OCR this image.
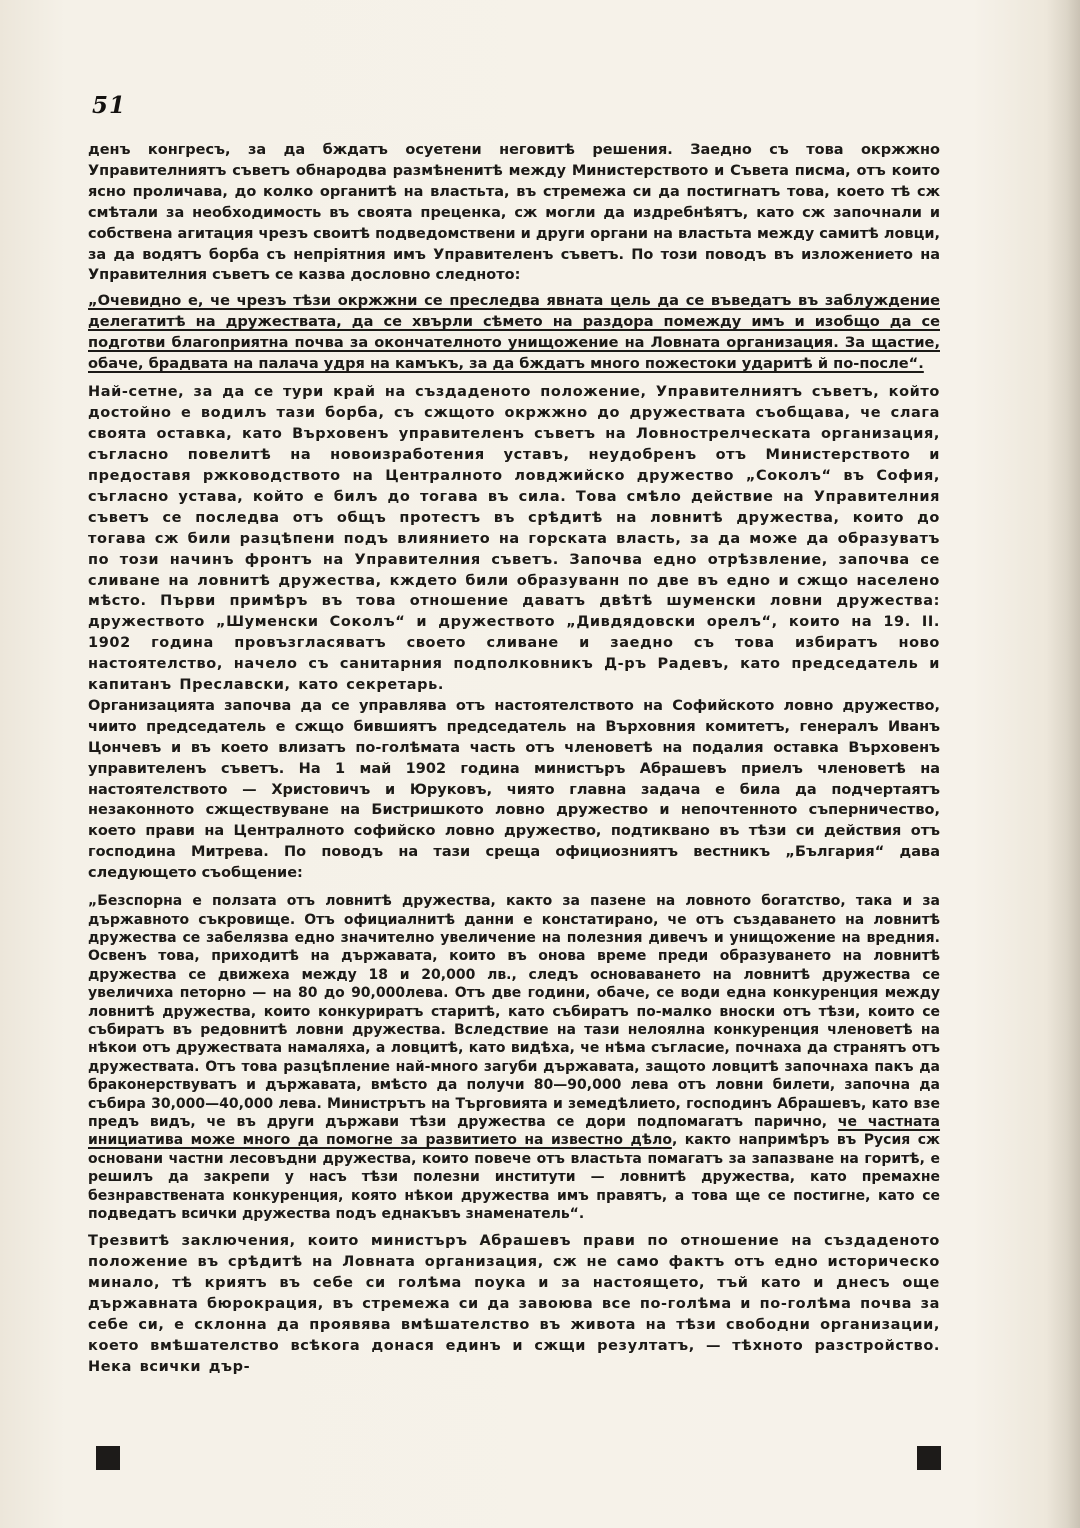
51

денъ конгресъ, за да бждатъ осуетени неговитѣ решения. Заедно съ това окржжно Управителниятъ съветъ обнародва размѣненитѣ между Министерството и Съвета писма, отъ които ясно проличава, до колко органитѣ на властьта, въ стремежа си да постигнатъ това, което тѣ сж смѣтали за необходимость въ своята преценка, сж могли да издребнѣятъ, като сж започнали и собствена агитация чрезъ своитѣ подведомствени и други органи на властьта между самитѣ ловци, за да водятъ борба съ непріятния имъ Управителенъ съветъ. По този поводъ въ изложението на Управителния съветъ се казва дословно следното:

„Очевидно е, че чрезъ тѣзи окржжни се преследва явната цель да се въведатъ въ заблуждение делегатитѣ на дружествата, да се хвърли сѣмето на раздора помежду имъ и изобщо да се подготви благоприятна почва за окончателното унищожение на Ловната организация. За щастие, обаче, брадвата на палача удря на камъкъ, за да бждатъ много пожестоки ударитѣ й по-после“.

Най-сетне, за да се тури край на създаденото положение, Управителниятъ съветъ, който достойно е водилъ тази борба, съ сжщото окржжно до дружествата съобщава, че слага своята оставка, като Върховенъ управителенъ съветъ на Ловнострелческата организация, съгласно повелитѣ на новоизработения уставъ, неудобренъ отъ Министерството и предоставя ржководството на Централното ловджийско дружество „Соколъ“ въ София, съгласно устава, който е билъ до тогава въ сила. Това смѣло действие на Управителния съветъ се последва отъ общъ протестъ въ срѣдитѣ на ловнитѣ дружества, които до тогава сж били разцѣпени подъ влиянието на горската власть, за да може да образуватъ по този начинъ фронтъ на Управителния съветъ. Започва едно отрѣзвление, започва се сливане на ловнитѣ дружества, кждето били образуванн по две въ едно и сжщо населено мѣсто. Първи примѣръ въ това отношение даватъ двѣтѣ шуменски ловни дружества: дружеството „Шуменски Соколъ“ и дружеството „Дивдядовски орелъ“, които на 19. II. 1902 година провъзгласяватъ своето сливане и заедно съ това избиратъ ново настоятелство, начело съ санитарния подполковникъ Д-ръ Радевъ, като председатель и капитанъ Преславски, като секретарь.

Организацията започва да се управлява отъ настоятелството на Софийското ловно дружество, чиито председатель е сжщо бившиятъ председатель на Върховния комитетъ, генералъ Иванъ Цончевъ и въ което влизатъ по-голѣмата часть отъ членоветѣ на подалия оставка Върховенъ управителенъ съветъ. На 1 май 1902 година министъръ Абрашевъ приелъ членоветѣ на настоятелството — Христовичъ и Юруковъ, чиято главна задача е била да подчертаятъ незаконното сжществуване на Бистришкото ловно дружество и непочтенното съперничество, което прави на Централното софийско ловно дружество, подтиквано въ тѣзи си действия отъ господина Митрева. По поводъ на тази среща официозниятъ вестникъ „България“ дава следующето съобщение:

„Безспорна е ползата отъ ловнитѣ дружества, както за пазене на ловното богатство, така и за държавното съкровище. Отъ официалнитѣ данни е констатирано, че отъ създаването на ловнитѣ дружества се забелязва едно значително увеличение на полезния дивечъ и унищожение на вредния. Освенъ това, приходитѣ на държавата, които въ онова време преди образуването на ловнитѣ дружества се движеха между 18 и 20,000 лв., следъ основаването на ловнитѣ дружества се увеличиха петорно — на 80 до 90,000лева. Отъ две години, обаче, се води една конкуренция между ловнитѣ дружества, които конкуриратъ старитѣ, като събиратъ по-малко вноски отъ тѣзи, които се събиратъ въ редовнитѣ ловни дружества. Вследствие на тази нелоялна конкуренция членоветѣ на нѣкои отъ дружествата намаляха, а ловцитѣ, като видѣха, че нѣма съгласие, почнаха да странятъ отъ дружествата. Отъ това разцѣпление най-много загуби държавата, защото ловцитѣ започнаха пакъ да браконерствуватъ и държавата, вмѣсто да получи 80—90,000 лева отъ ловни билети, започна да събира 30,000—40,000 лева. Министрътъ на Търговията и земедѣлието, господинъ Абрашевъ, като взе предъ видъ, че въ други държави тѣзи дружества се дори подпомагатъ парично, че частната инициатива може много да помогне за развитието на известно дѣло, както напримѣръ въ Русия сж основани частни лесовъдни дружества, които повече отъ властьта помагатъ за запазване на горитѣ, е решилъ да закрепи у насъ тѣзи полезни институти — ловнитѣ дружества, като премахне безнравствената конкуренция, която нѣкои дружества имъ правятъ, а това ще се постигне, като се подведатъ всички дружества подъ еднакъвъ знаменатель“.

Трезвитѣ заключения, които министъръ Абрашевъ прави по отношение на създаденото положение въ срѣдитѣ на Ловната организация, сж не само фактъ отъ едно историческо минало, тѣ криятъ въ себе си голѣма поука и за настоящето, тъй като и днесъ още държавната бюрокрация, въ стремежа си да завоюва все по-голѣма и по-голѣма почва за себе си, е склонна да проявява вмѣшателство въ живота на тѣзи свободни организации, което вмѣшателство всѣкога донася единъ и сжщи резултатъ, — тѣхното разстройство. Нека всички дър-
